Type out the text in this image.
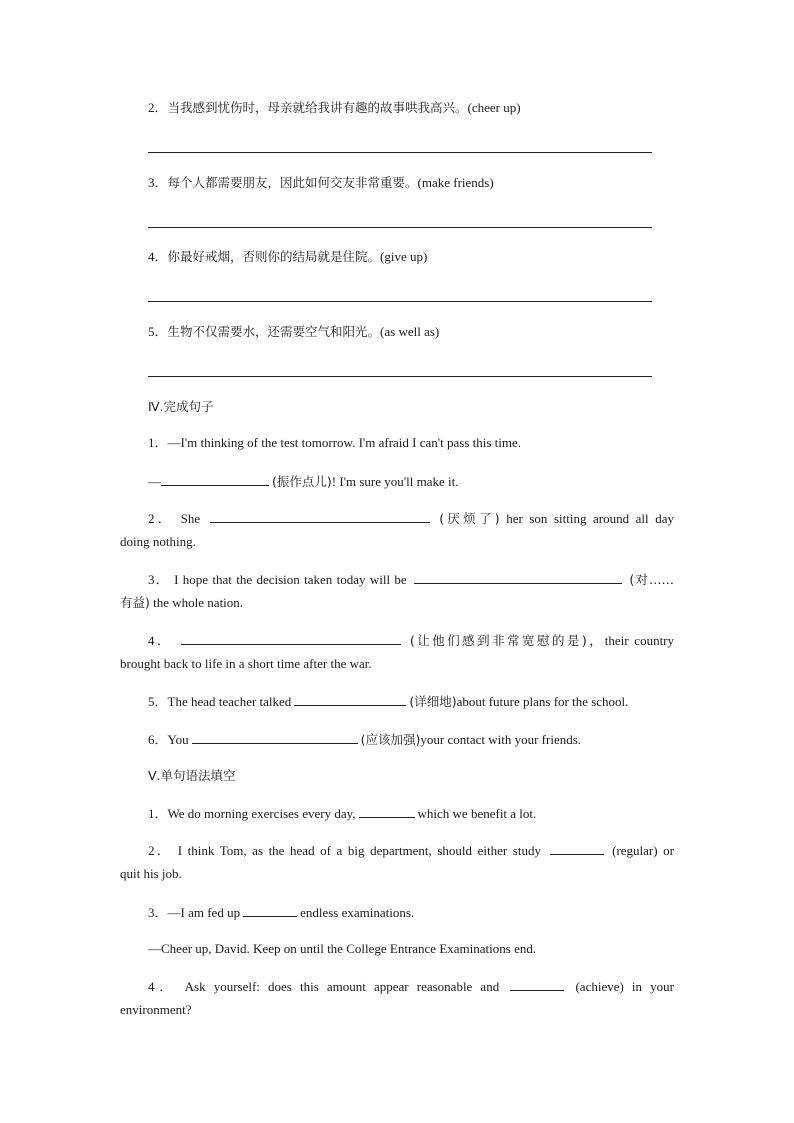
2．当我感到忧伤时，母亲就给我讲有趣的故事哄我高兴。(cheer up)
3．每个人都需要朋友，因此如何交友非常重要。(make friends)
4．你最好戒烟，否则你的结局就是住院。(give up)
5．生物不仅需要水，还需要空气和阳光。(as well as)
Ⅳ.完成句子
1．—I'm thinking of the test tomorrow. I'm afraid I can't pass this time.
—	(振作点儿)! I'm sure you'll make it.
2． She	(厌烦了) her son sitting around all day
doing nothing.
3． I hope that the decision taken today will be	(对……
有益) the whole nation.
4．	(让他们感到非常宽慰的是)，their country
brought back to life in a short time after the war.
5．The head teacher talked	(详细地)about future plans for the school.
6．You	(应该加强)your contact with your friends.
Ⅴ.单句语法填空
1．We do morning exercises every day,	which we benefit a lot.
2． I think Tom, as the head of a big department, should either study	(regular) or
quit his job.
3．—I am fed up	endless examinations.
—Cheer up, David. Keep on until the College Entrance Examinations end.
4． Ask yourself: does this amount appear reasonable and	(achieve) in your
environment?
